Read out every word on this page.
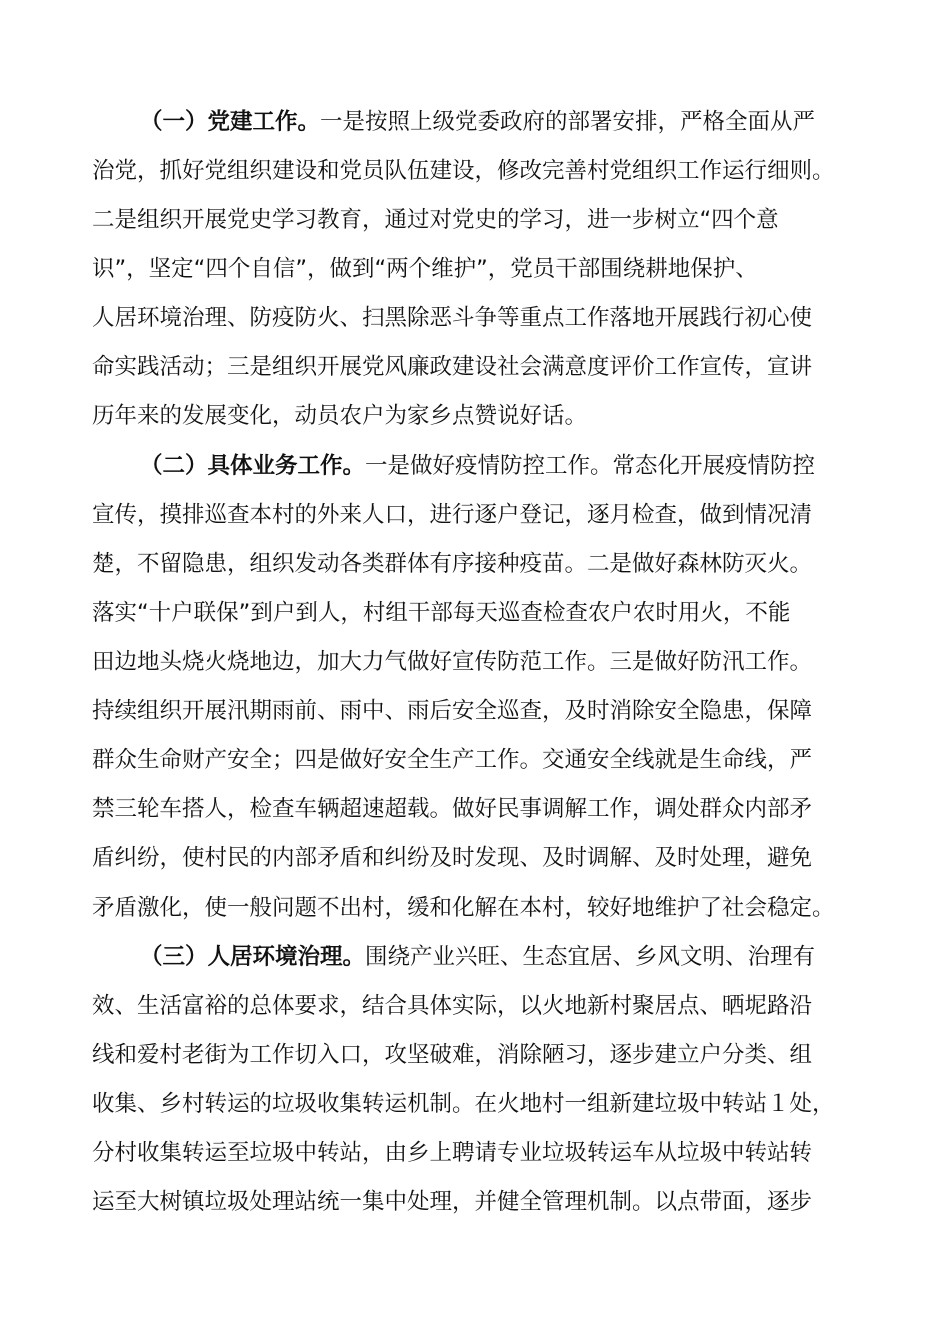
（一）党建工作。一是按照上级党委政府的部署安排，严格全面从严
治党，抓好党组织建设和党员队伍建设，修改完善村党组织工作运行细则。
二是组织开展党史学习教育，通过对党史的学习，进一步树立“四个意
识”，坚定“四个自信”，做到“两个维护”，党员干部围绕耕地保护、
人居环境治理、防疫防火、扫黑除恶斗争等重点工作落地开展践行初心使
命实践活动；三是组织开展党风廉政建设社会满意度评价工作宣传，宣讲
历年来的发展变化，动员农户为家乡点赞说好话。
（二）具体业务工作。一是做好疫情防控工作。常态化开展疫情防控
宣传，摸排巡查本村的外来人口，进行逐户登记，逐月检查，做到情况清
楚，不留隐患，组织发动各类群体有序接种疫苗。二是做好森林防灭火。
落实“十户联保”到户到人，村组干部每天巡查检查农户农时用火，不能
田边地头烧火烧地边，加大力气做好宣传防范工作。三是做好防汛工作。
持续组织开展汛期雨前、雨中、雨后安全巡查，及时消除安全隐患，保障
群众生命财产安全；四是做好安全生产工作。交通安全线就是生命线，严
禁三轮车搭人，检查车辆超速超载。做好民事调解工作，调处群众内部矛
盾纠纷，使村民的内部矛盾和纠纷及时发现、及时调解、及时处理，避免
矛盾激化，使一般问题不出村，缓和化解在本村，较好地维护了社会稳定。
（三）人居环境治理。围绕产业兴旺、生态宜居、乡风文明、治理有
效、生活富裕的总体要求，结合具体实际，以火地新村聚居点、晒坭路沿
线和爱村老街为工作切入口，攻坚破难，消除陋习，逐步建立户分类、组
收集、乡村转运的垃圾收集转运机制。在火地村一组新建垃圾中转站１处，
分村收集转运至垃圾中转站，由乡上聘请专业垃圾转运车从垃圾中转站转
运至大树镇垃圾处理站统一集中处理，并健全管理机制。以点带面，逐步
